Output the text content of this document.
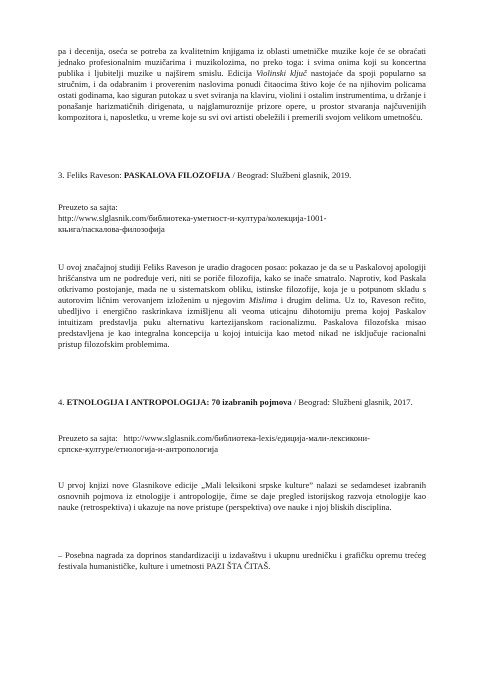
pa i decenija, oseća se potreba za kvalitetnim knjigama iz oblasti umetničke muzike koje će se obraćati jednako profesionalnim muzičarima i muzikolozima, no preko toga: i svima onima koji su koncertna publika i ljubitelji muzike u najširem smislu. Edicija Violinski ključ nastojaće da spoji popularno sa stručnim, i da odabranim i proverenim naslovima ponudi čitaocima štivo koje će na njihovim policama ostati godinama, kao siguran putokaz u svet sviranja na klaviru, violini i ostalim instrumentima, u držanje i ponašanje harizmatičnih dirigenata, u najglamuroznije prizore opere, u prostor stvaranja najčuvenijih kompozitora i, naposletku, u vreme koje su svi ovi artisti obeležili i premerili svojom velikom umetnošću.
3. Feliks Raveson: PASKALOVA FILOZOFIJA / Beograd: Službeni glasnik, 2019.
Preuzeto sa sajta:
http://www.slglasnik.com/библиотека-уметност-и-култура/колекција-1001-
књига/паскалова-филозофија
U ovoj značajnoj studiji Feliks Raveson je uradio dragocen posao: pokazao je da se u Paskalovoj apologiji hrišćanstva um ne podređuje veri, niti se poriče filozofija, kako se inače smatralo. Naprotiv, kod Paskala otkrivamo postojanje, mada ne u sistematskom obliku, istinske filozofije, koja je u potpunom skladu s autorovim ličnim verovanjem izloženim u njegovim Mislima i drugim delima. Uz to, Raveson rečito, ubedljivo i energično raskrinkava izmišljenu ali veoma uticajnu dihotomiju prema kojoj Paskalov intuitizam predstavlja puku alternativu kartezijanskom racionalizmu. Paskalova filozofska misao predstavljena je kao integralna koncepcija u kojoj intuicija kao metod nikad ne isključuje racionalni pristup filozofskim problemima.
4. ETNOLOGIJA I ANTROPOLOGIJA: 70 izabranih pojmova / Beograd: Službeni glasnik, 2017.
Preuzeto sa sajta: http://www.slglasnik.com/библиотека-lexis/едиција-мали-лексикони-
српске-културе/етнологија-и-антропологија
U prvoj knjizi nove Glasnikove edicije „Mali leksikoni srpske kulture” nalazi se sedamdeset izabranih osnovnih pojmova iz etnologije i antropologije, čime se daje pregled istorijskog razvoja etnologije kao nauke (retrospektiva) i ukazuje na nove pristupe (perspektiva) ove nauke i njoj bliskih disciplina.
– Posebna nagrada za doprinos standardizaciji u izdavaštvu i ukupnu uredničku i grafičku opremu trećeg festivala humanističke, kulture i umetnosti PAZI ŠTA ČITAŠ.
